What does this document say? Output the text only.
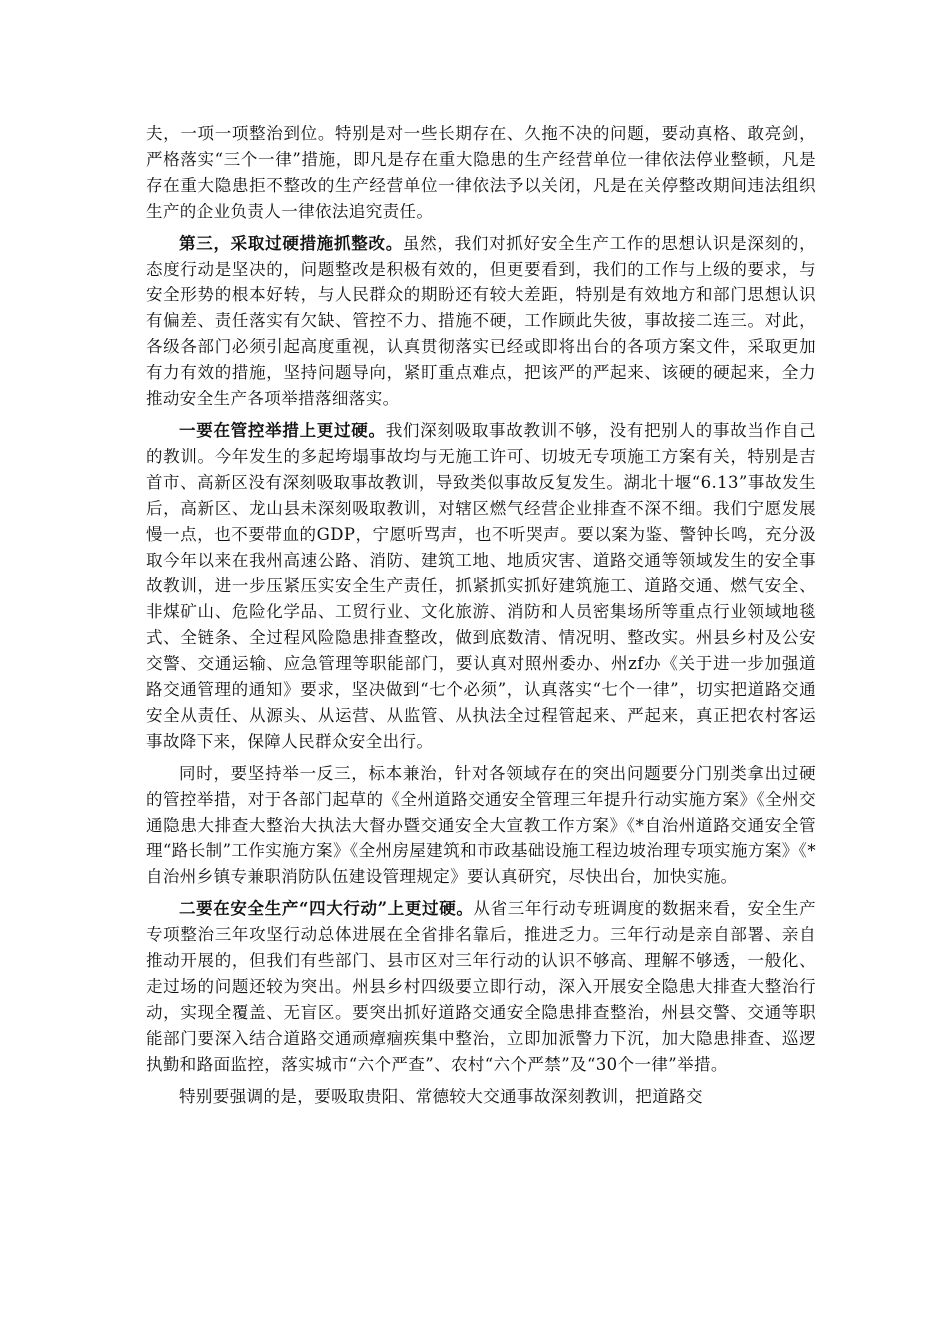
夫，一项一项整治到位。特别是对一些长期存在、久拖不决的问题，要动真格、敢亮剑，严格落实“三个一律”措施，即凡是存在重大隐患的生产经营单位一律依法停业整顿，凡是存在重大隐患拒不整改的生产经营单位一律依法予以关闭，凡是在关停整改期间违法组织生产的企业负责人一律依法追究责任。

第三，采取过硬措施抓整改。虽然，我们对抓好安全生产工作的思想认识是深刻的，态度行动是坚决的，问题整改是积极有效的，但更要看到，我们的工作与上级的要求，与安全形势的根本好转，与人民群众的期盼还有较大差距，特别是有效地方和部门思想认识有偏差、责任落实有欠缺、管控不力、措施不硬，工作顾此失彼，事故接二连三。对此，各级各部门必须引起高度重视，认真贯彻落实已经或即将出台的各项方案文件，采取更加有力有效的措施，坚持问题导向，紧盯重点难点，把该严的严起来、该硬的硬起来，全力推动安全生产各项举措落细落实。

一要在管控举措上更过硬。我们深刻吸取事故教训不够，没有把别人的事故当作自己的教训。今年发生的多起垮塌事故均与无施工许可、切坡无专项施工方案有关，特别是吉首市、高新区没有深刻吸取事故教训，导致类似事故反复发生。湖北十堰“6.13”事故发生后，高新区、龙山县未深刻吸取教训，对辖区燃气经营企业排查不深不细。我们宁愿发展慢一点，也不要带血的GDP，宁愿听骂声，也不听哭声。要以案为鉴、警钟长鸣，充分汲取今年以来在我州高速公路、消防、建筑工地、地质灾害、道路交通等领域发生的安全事故教训，进一步压紧压实安全生产责任，抓紧抓实抓好建筑施工、道路交通、燃气安全、非煤矿山、危险化学品、工贸行业、文化旅游、消防和人员密集场所等重点行业领域地毯式、全链条、全过程风险隐患排查整改，做到底数清、情况明、整改实。州县乡村及公安交警、交通运输、应急管理等职能部门，要认真对照州委办、州zf办《关于进一步加强道路交通管理的通知》要求，坚决做到“七个必须”，认真落实“七个一律”，切实把道路交通安全从责任、从源头、从运营、从监管、从执法全过程管起来、严起来，真正把农村客运事故降下来，保障人民群众安全出行。

同时，要坚持举一反三，标本兼治，针对各领域存在的突出问题要分门别类拿出过硬的管控举措，对于各部门起草的《全州道路交通安全管理三年提升行动实施方案》《全州交通隐患大排查大整治大执法大督办暨交通安全大宣教工作方案》《*自治州道路交通安全管理“路长制”工作实施方案》《全州房屋建筑和市政基础设施工程边坡治理专项实施方案》《*自治州乡镇专兼职消防队伍建设管理规定》要认真研究，尽快出台，加快实施。

二要在安全生产“四大行动”上更过硬。从省三年行动专班调度的数据来看，安全生产专项整治三年攻坚行动总体进展在全省排名靠后，推进乏力。三年行动是亲自部署、亲自推动开展的，但我们有些部门、县市区对三年行动的认识不够高、理解不够透，一般化、走过场的问题还较为突出。州县乡村四级要立即行动，深入开展安全隐患大排查大整治行动，实现全覆盖、无盲区。要突出抓好道路交通安全隐患排查整治，州县交警、交通等职能部门要深入结合道路交通顽瘴痼疾集中整治，立即加派警力下沉，加大隐患排查、巡逻执勤和路面监控，落实城市“六个严查”、农村“六个严禁”及“30个一律”举措。

特别要强调的是，要吸取贵阳、常德较大交通事故深刻教训，把道路交
